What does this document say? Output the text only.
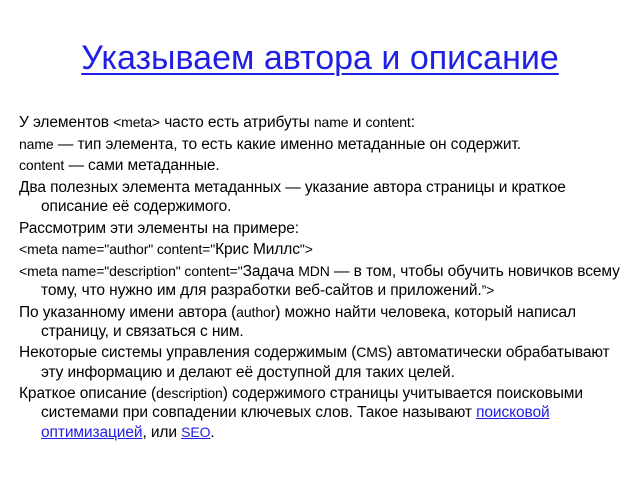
Указываем автора и описание
У элементов <meta> часто есть атрибуты name и content:
name — тип элемента, то есть какие именно метаданные он содержит.
content — сами метаданные.
Два полезных элемента метаданных — указание автора страницы и краткое описание её содержимого.
Рассмотрим эти элементы на примере:
<meta name="author" content="Крис Миллс">
<meta name="description" content="Задача MDN — в том, чтобы обучить новичков всему тому, что нужно им для разработки веб-сайтов и приложений.”>
По указанному имени автора (author) можно найти человека, который написал страницу, и связаться с ним.
Некоторые системы управления содержимым (CMS) автоматически обрабатывают эту информацию и делают её доступной для таких целей.
Краткое описание (description) содержимого страницы учитывается поисковыми системами при совпадении ключевых слов. Такое называют поисковой оптимизацией, или SEO.
